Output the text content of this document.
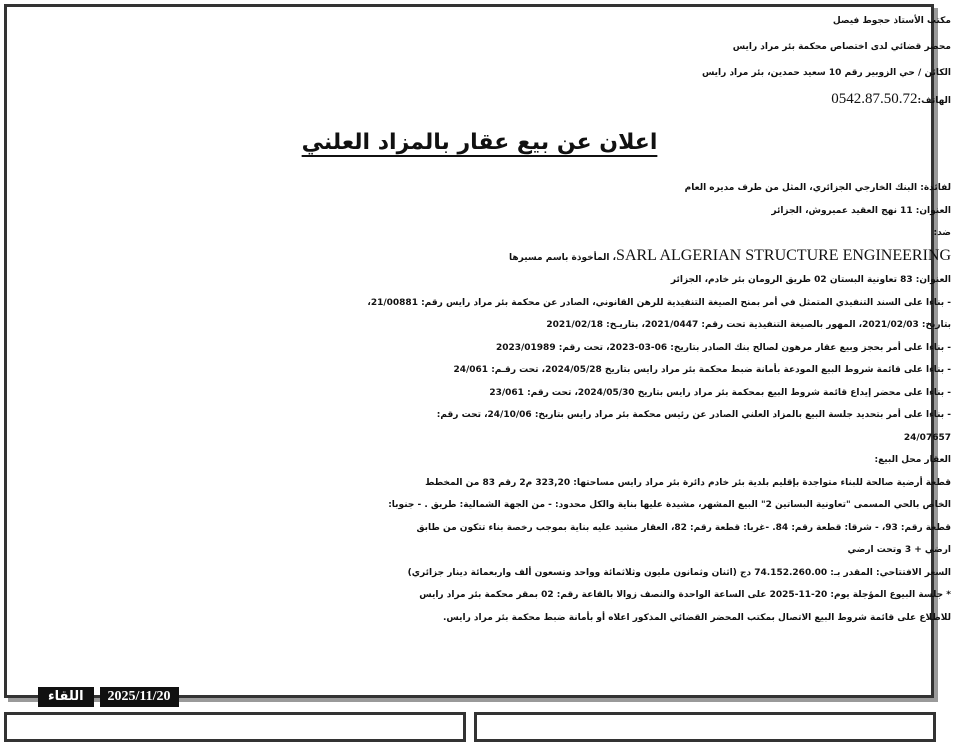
مكتب الأستاذ حجوط فيصل
محضر قضائي لدى اختصاص محكمة بئر مراد رايس
الكائن / حي الزوبير رقم 10 سعيد حمدين، بئر مراد رايس
الهاتف:0542.87.50.72
اعلان عن بيع عقار بالمزاد العلني
لفائدة: البنك الخارجي الجزائري، المثل من طرف مديره العام
العنوان: 11 نهج العقيد عميروش، الجزائر
ضد:
SARL ALGERIAN STRUCTURE ENGINEERING، المأخوذة باسم مسيرها
العنوان: 83 تعاونية البستان 02 طريق الرومان بئر خادم، الجزائر
- بناءا على السند التنفيذي المتمثل في أمر بمنح الصيغة التنفيذية للرهن القانوني، الصادر عن محكمة بئر مراد رايس رقم: 21/00881،
بتاريخ: 2021/02/03، المهور بالصيغة التنفيذية تحت رقم: 2021/0447، بتاريـخ: 2021/02/18
- بناءا على أمر بحجز وبيع عقار مرهون لصالح بنك الصادر بتاريخ: 06-03-2023، تحت رقم: 2023/01989
- بناءا على قائمة شروط البيع المودعة بأمانة ضبط محكمة بئر مراد رايس بتاريخ 2024/05/28، تحت رقـم: 24/061
- بناءا على محضر إيداع قائمة شروط البيع بمحكمة بئر مراد رايس بتاريخ 2024/05/30، تحت رقم: 23/061
- بناءا على أمر بتحديد جلسة البيع بالمزاد العلني الصادر عن رئيس محكمة بئر مراد رايس بتاريخ: 24/10/06، تحت رقم:
24/07657
العقار محل البيع:
قطعة أرضية صالحة للبناء متواجدة بإقليم بلدية بئر خادم دائرة بئر مراد رايس مساحتها: 323,20 م2 رقم 83 من المخطط
الخاص بالحي المسمى "تعاونية البساتين 2" البيع المشهر، مشيدة عليها بناية والكل محدود: - من الجهة الشمالية: طريق . - جنوبا:
قطعة رقم: 93، - شرقا: قطعة رقم: 84. -غربا: قطعة رقم: 82، العقار مشيد عليه بناية بموجب رخصة بناء تتكون من طابق
ارضي + 3 وتحت ارضي
السعر الافتتاحي: المقدر بـ: 74.152.260.00 دج (اثنان وثمانون مليون وثلاثمائة وواحد وتسعون ألف واربعمائة دينار جزائري)
* جلسة البيوع المؤجلة يوم: 20-11-2025 على الساعة الواحدة والنصف زوالا بالقاعة رقم: 02 بمقر محكمة بئر مراد رايس
للاطلاع على قائمة شروط البيع الاتصال بمكتب المحضر القضائي المذكور اعلاه أو بأمانة ضبط محكمة بئر مراد رايس.
اللقاء	2025/11/20
